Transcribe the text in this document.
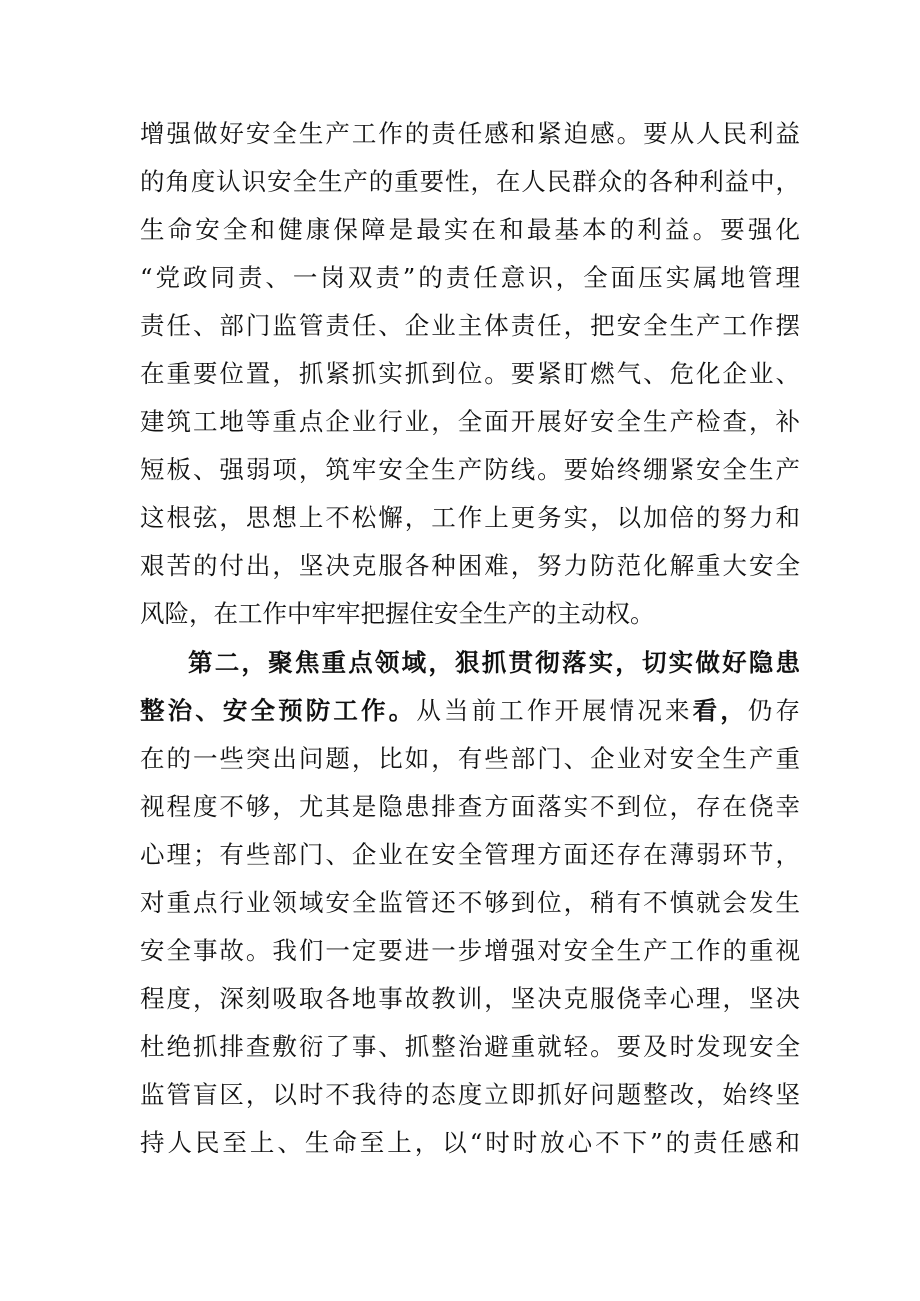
增强做好安全生产工作的责任感和紧迫感。要从人民利益
的角度认识安全生产的重要性，在人民群众的各种利益中，
生命安全和健康保障是最实在和最基本的利益。要强化
“党政同责、一岗双责”的责任意识，全面压实属地管理
责任、部门监管责任、企业主体责任，把安全生产工作摆
在重要位置，抓紧抓实抓到位。要紧盯燃气、危化企业、
建筑工地等重点企业行业，全面开展好安全生产检查，补
短板、强弱项，筑牢安全生产防线。要始终绷紧安全生产
这根弦，思想上不松懈，工作上更务实，以加倍的努力和
艰苦的付出，坚决克服各种困难，努力防范化解重大安全
风险，在工作中牢牢把握住安全生产的主动权。
第二，聚焦重点领域，狠抓贯彻落实，切实做好隐患
整治、安全预防工作。从当前工作开展情况来看，仍存
在的一些突出问题，比如，有些部门、企业对安全生产重
视程度不够，尤其是隐患排查方面落实不到位，存在侥幸
心理；有些部门、企业在安全管理方面还存在薄弱环节，
对重点行业领域安全监管还不够到位，稍有不慎就会发生
安全事故。我们一定要进一步增强对安全生产工作的重视
程度，深刻吸取各地事故教训，坚决克服侥幸心理，坚决
杜绝抓排查敷衍了事、抓整治避重就轻。要及时发现安全
监管盲区，以时不我待的态度立即抓好问题整改，始终坚
持人民至上、生命至上，以“时时放心不下”的责任感和
